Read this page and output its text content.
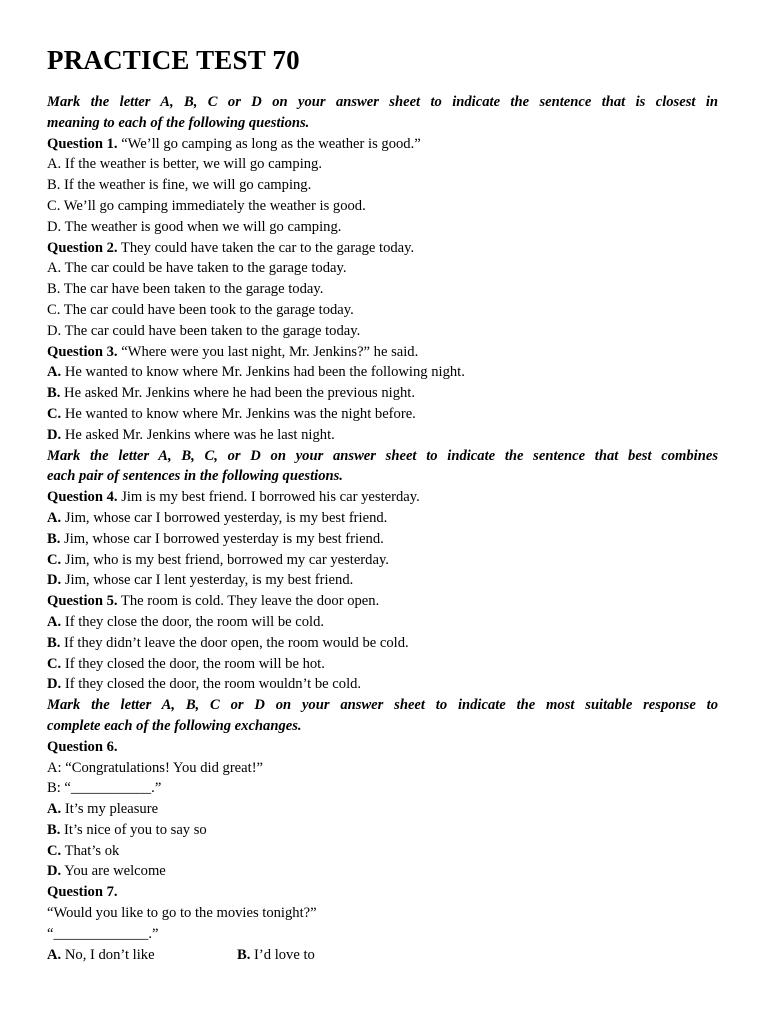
PRACTICE TEST 70
Mark the letter A, B, C or D on your answer sheet to indicate the sentence that is closest in
meaning to each of the following questions.
Question 1. “We’ll go camping as long as the weather is good.”
A. If the weather is better, we will go camping.
B. If the weather is fine, we will go camping.
C. We’ll go camping immediately the weather is good.
D. The weather is good when we will go camping.
Question 2. They could have taken the car to the garage today.
A. The car could be have taken to the garage today.
B. The car have been taken to the garage today.
C. The car could have been took to the garage today.
D. The car could have been taken to the garage today.
Question 3. “Where were you last night, Mr. Jenkins?” he said.
A. He wanted to know where Mr. Jenkins had been the following night.
B. He asked Mr. Jenkins where he had been the previous night.
C. He wanted to know where Mr. Jenkins was the night before.
D. He asked Mr. Jenkins where was he last night.
Mark the letter A, B, C, or D on your answer sheet to indicate the sentence that best combines
each pair of sentences in the following questions.
Question 4. Jim is my best friend. I borrowed his car yesterday.
A. Jim, whose car I borrowed yesterday, is my best friend.
B. Jim, whose car I borrowed yesterday is my best friend.
C. Jim, who is my best friend, borrowed my car yesterday.
D. Jim, whose car I lent yesterday, is my best friend.
Question 5. The room is cold. They leave the door open.
A. If they close the door, the room will be cold.
B. If they didn’t leave the door open, the room would be cold.
C. If they closed the door, the room will be hot.
D. If they closed the door, the room wouldn’t be cold.
Mark the letter A, B, C or D on your answer sheet to indicate the most suitable response to
complete each of the following exchanges.
Question 6.
A: “Congratulations! You did great!”
B: “___________.”
A. It’s my pleasure
B. It’s nice of you to say so
C. That’s ok
D. You are welcome
Question 7.
“Would you like to go to the movies tonight?”
“_____________.”
A. No, I don’t like	B. I’d love to
